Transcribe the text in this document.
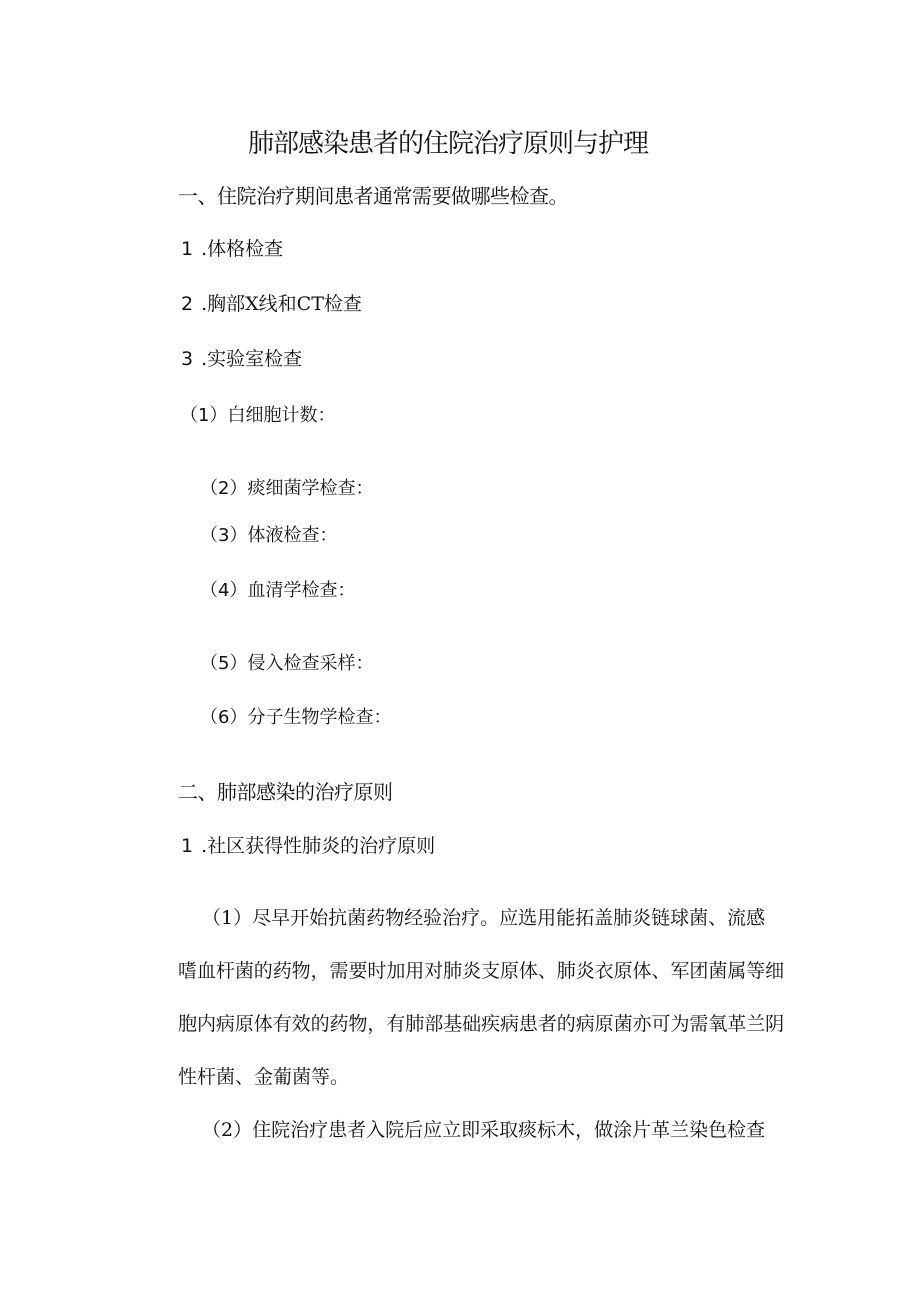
肺部感染患者的住院治疗原则与护理
一、住院治疗期间患者通常需要做哪些检查。
1 .体格检查
2 .胸部X线和CT检查
3 .实验室检查
（1）白细胞计数：
（2）痰细菌学检查：
（3）体液检查：
（4）血清学检查：
（5）侵入检查采样：
（6）分子生物学检查：
二、肺部感染的治疗原则
1 .社区获得性肺炎的治疗原则
（1）尽早开始抗菌药物经验治疗。应选用能拓盖肺炎链球菌、流感
嗜血杆菌的药物，需要时加用对肺炎支原体、肺炎衣原体、军团菌属等细
胞内病原体有效的药物，有肺部基础疾病患者的病原菌亦可为需氧革兰阴
性杆菌、金葡菌等。
（2）住院治疗患者入院后应立即采取痰标木，做涂片革兰染色检查
